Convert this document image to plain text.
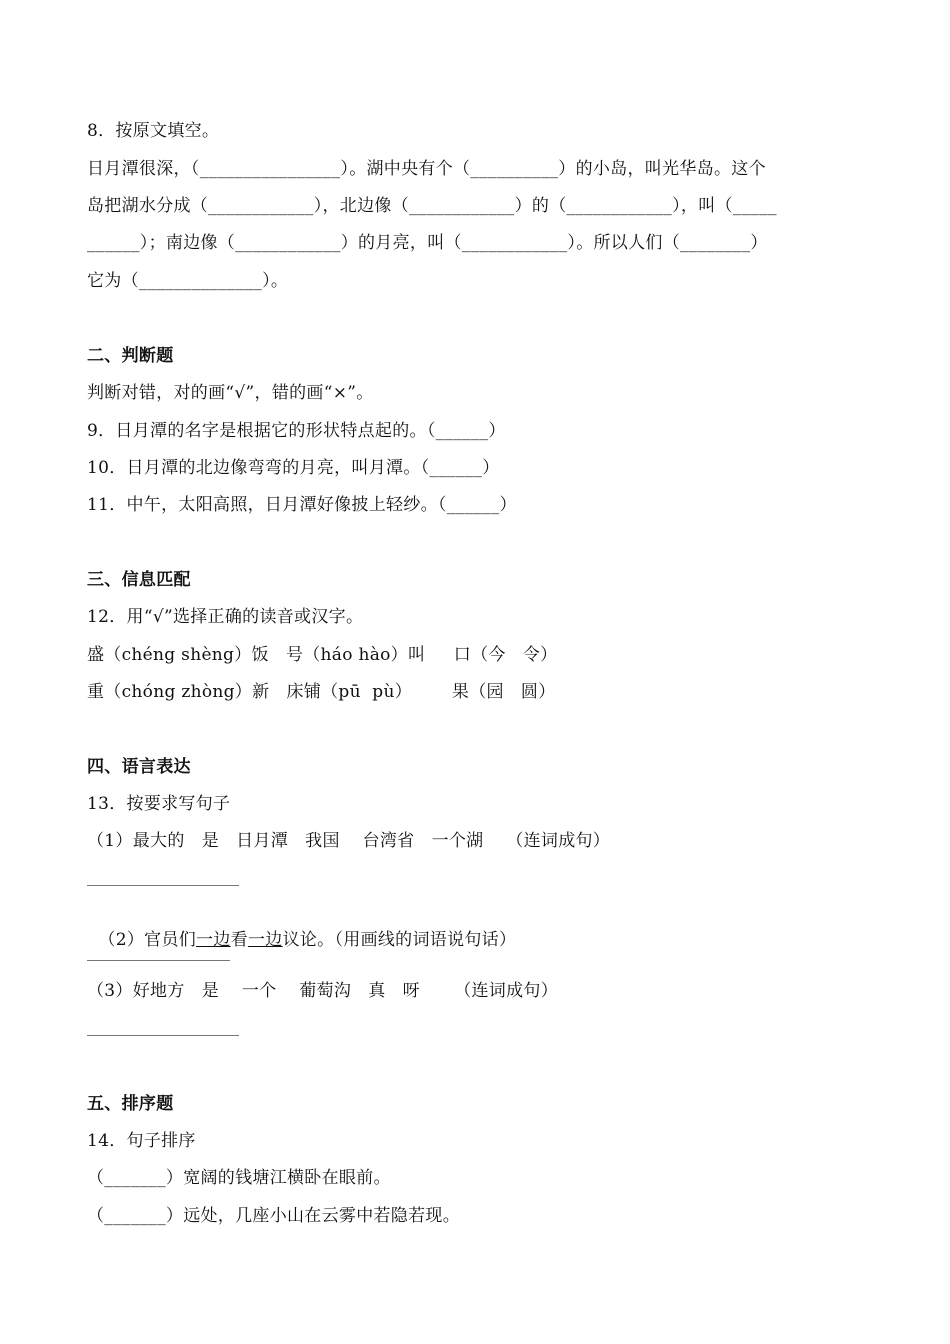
8．按原文填空。
日月潭很深，（________________）。湖中央有个（__________）的小岛，叫光华岛。这个
岛把湖水分成（____________），北边像（____________）的（____________），叫（_____
______）；南边像（____________）的月亮，叫（____________）。所以人们（________）
它为（______________）。
二、判断题
判断对错，对的画“√”，错的画“×”。
9．日月潭的名字是根据它的形状特点起的。（______）
10．日月潭的北边像弯弯的月亮，叫月潭。（______）
11．中午，太阳高照，日月潭好像披上轻纱。（______）
三、信息匹配
12．用“√”选择正确的读音或汉字。
盛（chéng shèng）饭   号（háo hào）叫     口（今   令）
重（chóng zhòng）新   床铺（pū  pù）       果（园   圆）
四、语言表达
13．按要求写句子
（1）最大的   是   日月潭   我国    台湾省   一个湖    （连词成句）

（2）官员们一边看一边议论。（用画线的词语说句话）

（3）好地方   是    一个    葡萄沟   真   呀      （连词成句）
五、排序题
14．句子排序
（_______）宽阔的钱塘江横卧在眼前。
（_______）远处，几座小山在云雾中若隐若现。
